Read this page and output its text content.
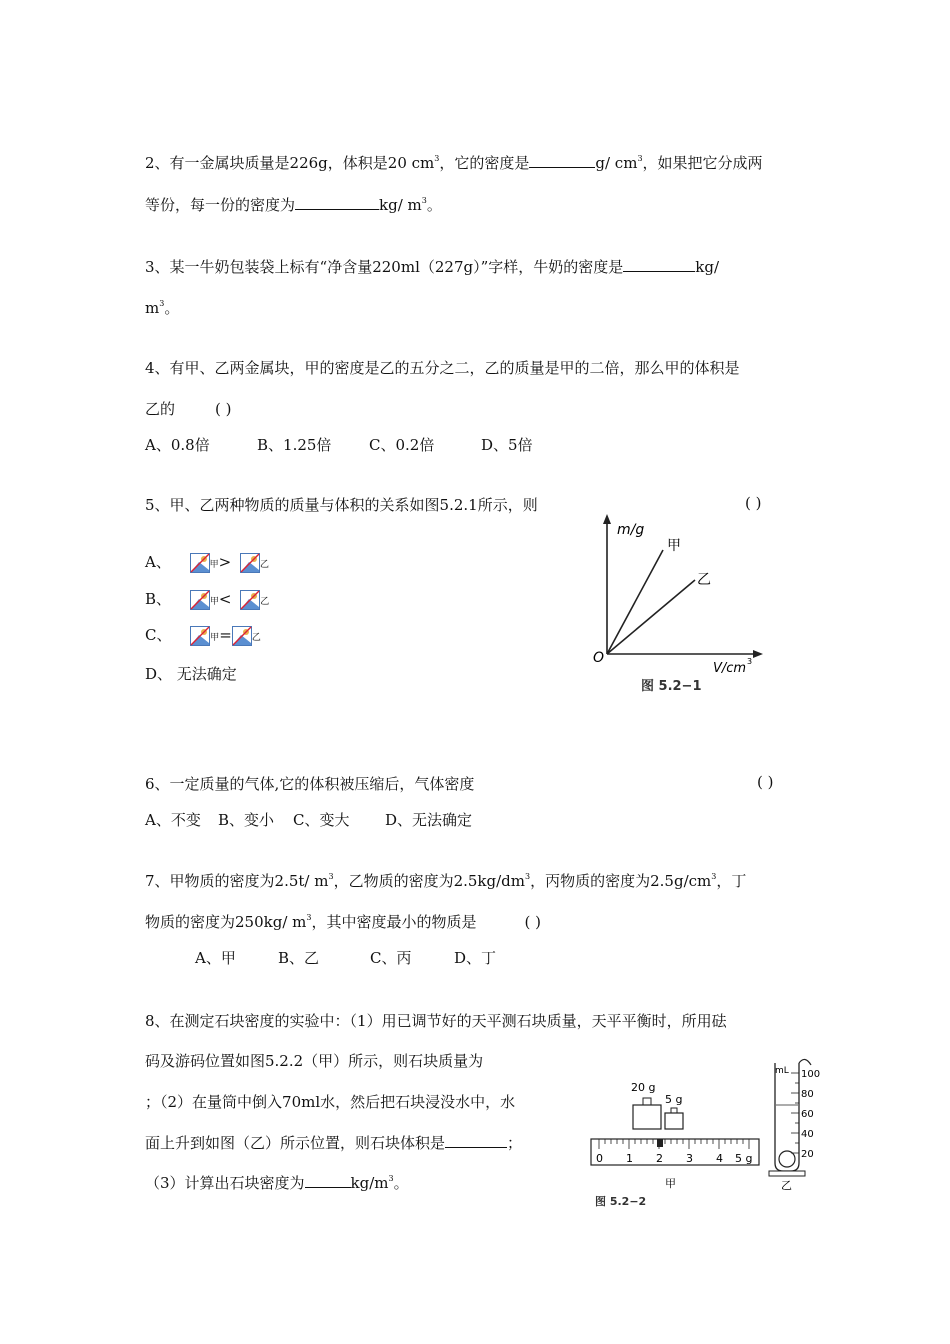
2、有一金属块质量是226g，体积是20 $cm^3$，它的密度是	g/ $cm^3$，如果把它分成两
等份，每一份的密度为	kg/ $m^3$。
3、某一牛奶包装袋上标有“净含量220ml（227g）”字样，牛奶的密度是	kg/
$m^3$。
4、有甲、乙两金属块，甲的密度是乙的五分之二，乙的质量是甲的二倍，那么甲的体积是
乙的	( )
A、0.8倍	B、1.25倍	C、0.2倍	D、5倍
5、甲、乙两种物质的质量与体积的关系如图5.2.1所示，则	( )
A、	甲>	乙
B、	甲<	乙
C、	甲= 乙
D、 无法确定
m/g
甲
乙
O
V/cm 3
图 5.2−1
6、一定质量的气体,它的体积被压缩后，气体密度	( )
A、不变 B、变小 C、变大 D、无法确定
7、甲物质的密度为2.5t/ $m^3$，乙物质的密度为$2.5kg/dm^3$，丙物质的密度为$2.5g/cm^3$，丁
物质的密度为250kg/ $m^3$，其中密度最小的物质是	( )
A、甲	B、乙	C、丙	D、丁
8、在测定石块密度的实验中：（1）用已调节好的天平测石块质量，天平平衡时，所用砝
码及游码位置如图5.2.2（甲）所示，则石块质量为
；（2）在量筒中倒入70ml水，然后把石块浸没水中，水
面上升到如图（乙）所示位置，则石块体积是	；
（3）计算出石块密度为	$kg/m^3$。
20 g
5 g
0 1 2 3 4 5 g
甲
图 5.2−2
mL 100
80
60
40
20
乙
